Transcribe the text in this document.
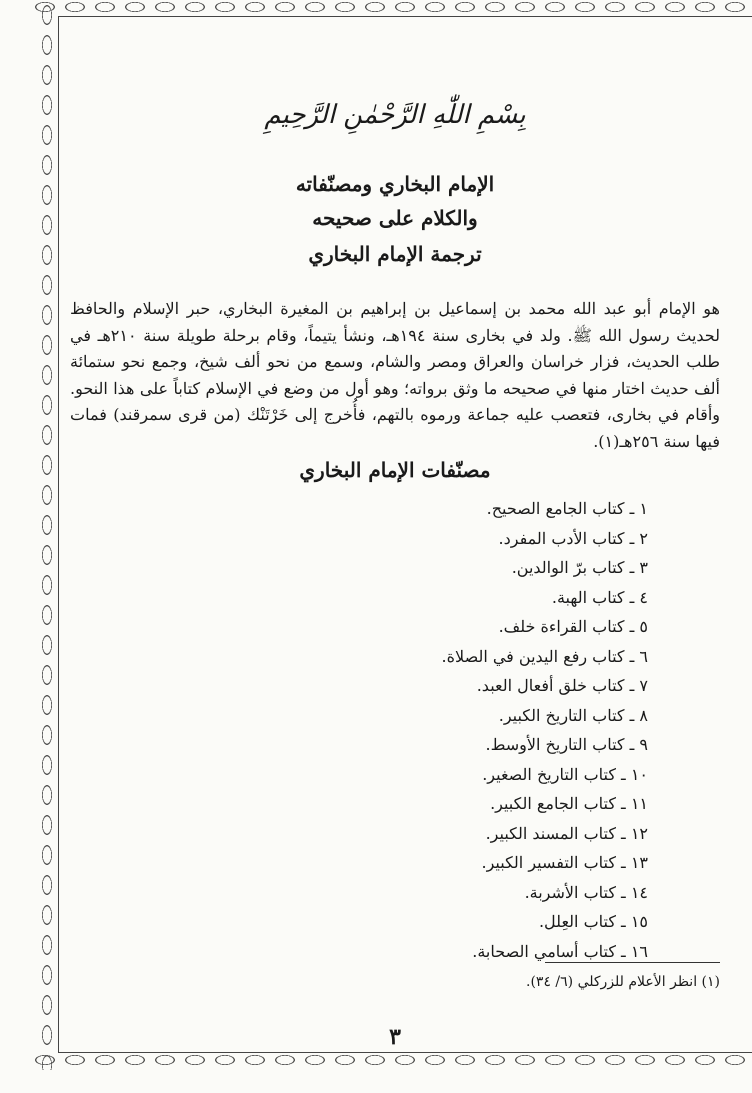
بِسْمِ اللّٰهِ الرَّحْمٰنِ الرَّحِيمِ
الإمام البخاري ومصنّفاته
والكلام على صحيحه
ترجمة الإمام البخاري

هو الإمام أبو عبد الله محمد بن إسماعيل بن إبراهيم بن المغيرة البخاري، حبر الإسلام والحافظ لحديث رسول الله ﷺ. ولد في بخارى سنة ١٩٤هـ، ونشأ يتيماً، وقام برحلة طويلة سنة ٢١٠هـ في طلب الحديث، فزار خراسان والعراق ومصر والشام، وسمع من نحو ألف شيخ، وجمع نحو ستمائة ألف حديث اختار منها في صحيحه ما وثق برواته؛ وهو أول من وضع في الإسلام كتاباً على هذا النحو. وأقام في بخارى، فتعصب عليه جماعة ورموه بالتهم، فأُخرج إلى خَرْتَنْك (من قرى سمرقند) فمات فيها سنة ٢٥٦هـ(١).

مصنّفات الإمام البخاري
١ ـ كتاب الجامع الصحيح.
٢ ـ كتاب الأدب المفرد.
٣ ـ كتاب برّ الوالدين.
٤ ـ كتاب الهبة.
٥ ـ كتاب القراءة خلف.
٦ ـ كتاب رفع اليدين في الصلاة.
٧ ـ كتاب خلق أفعال العبد.
٨ ـ كتاب التاريخ الكبير.
٩ ـ كتاب التاريخ الأوسط.
١٠ ـ كتاب التاريخ الصغير.
١١ ـ كتاب الجامع الكبير.
١٢ ـ كتاب المسند الكبير.
١٣ ـ كتاب التفسير الكبير.
١٤ ـ كتاب الأشربة.
١٥ ـ كتاب العِلل.
١٦ ـ كتاب أسامي الصحابة.
(١) انظر الأعلام للزركلي (٦/ ٣٤).
٣
